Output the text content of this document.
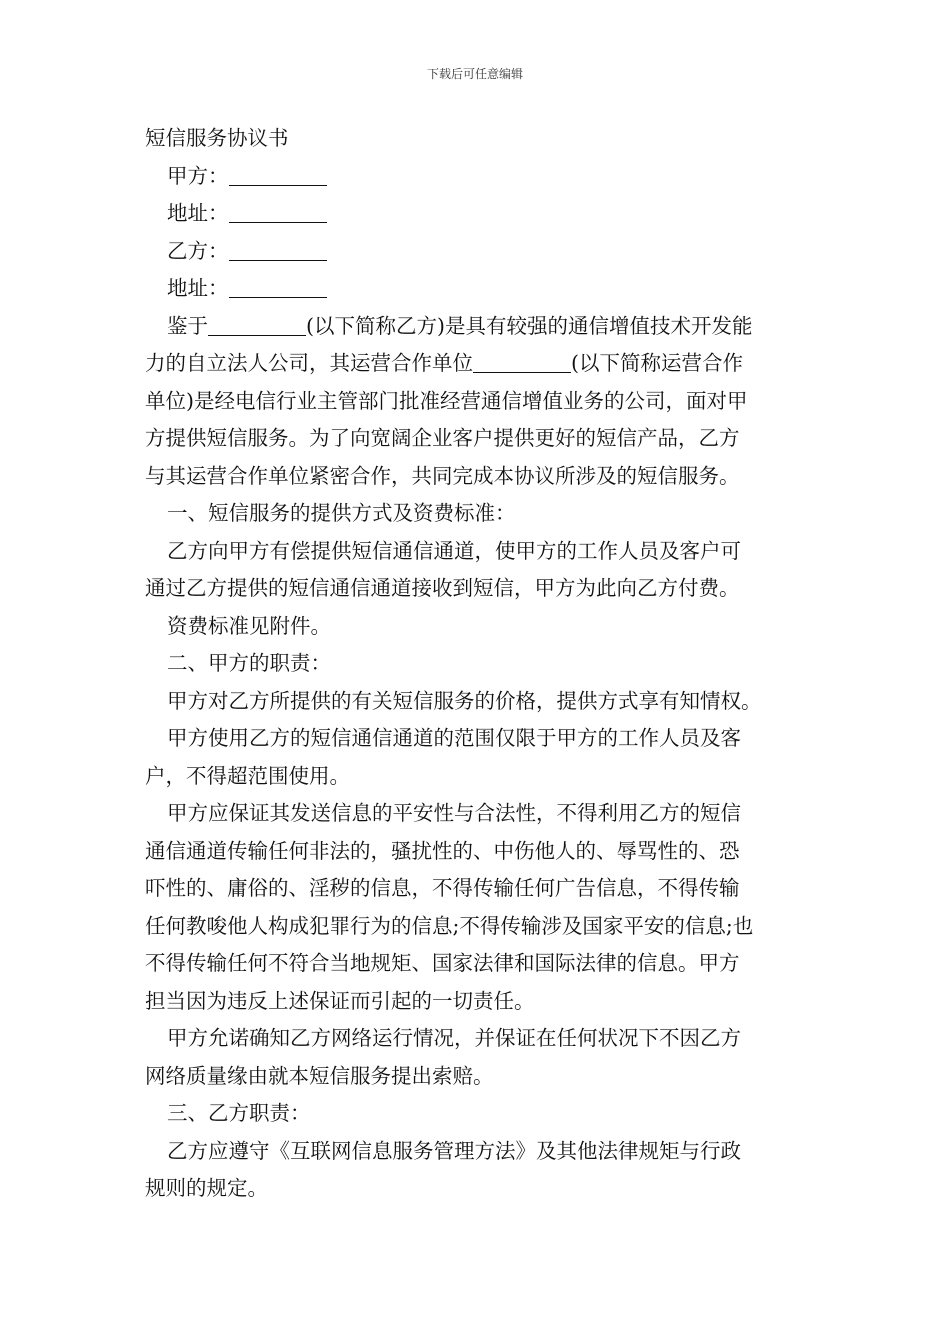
下载后可任意编辑
短信服务协议书
甲方：
地址：
乙方：
地址：
鉴于	(以下简称乙方)是具有较强的通信增值技术开发能
力的自立法人公司，其运营合作单位	(以下简称运营合作
单位)是经电信行业主管部门批准经营通信增值业务的公司，面对甲
方提供短信服务。为了向宽阔企业客户提供更好的短信产品，乙方
与其运营合作单位紧密合作，共同完成本协议所涉及的短信服务。
一、短信服务的提供方式及资费标准：
乙方向甲方有偿提供短信通信通道，使甲方的工作人员及客户可
通过乙方提供的短信通信通道接收到短信，甲方为此向乙方付费。
资费标准见附件。
二、甲方的职责：
甲方对乙方所提供的有关短信服务的价格，提供方式享有知情权。
甲方使用乙方的短信通信通道的范围仅限于甲方的工作人员及客
户，不得超范围使用。
甲方应保证其发送信息的平安性与合法性，不得利用乙方的短信
通信通道传输任何非法的，骚扰性的、中伤他人的、辱骂性的、恐
吓性的、庸俗的、淫秽的信息，不得传输任何广告信息，不得传输
任何教唆他人构成犯罪行为的信息;不得传输涉及国家平安的信息;也
不得传输任何不符合当地规矩、国家法律和国际法律的信息。甲方
担当因为违反上述保证而引起的一切责任。
甲方允诺确知乙方网络运行情况，并保证在任何状况下不因乙方
网络质量缘由就本短信服务提出索赔。
三、乙方职责：
乙方应遵守《互联网信息服务管理方法》及其他法律规矩与行政
规则的规定。
